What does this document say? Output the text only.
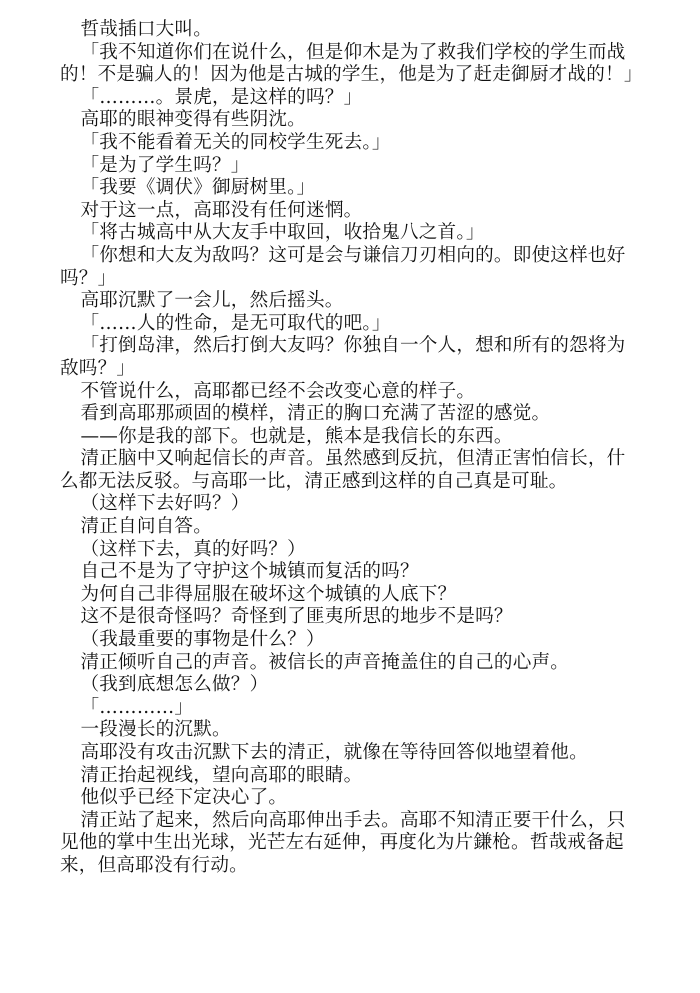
哲哉插口大叫。

「我不知道你们在说什么，但是仰木是为了救我们学校的学生而战的！不是骗人的！因为他是古城的学生，他是为了赶走御厨才战的！」

「………。景虎，是这样的吗？」

高耶的眼神变得有些阴沈。

「我不能看着无关的同校学生死去。」

「是为了学生吗？」

「我要《调伏》御厨树里。」

对于这一点，高耶没有任何迷惘。

「将古城高中从大友手中取回，收拾鬼八之首。」

「你想和大友为敌吗？这可是会与谦信刀刃相向的。即使这样也好吗？」

高耶沉默了一会儿，然后摇头。

「……人的性命，是无可取代的吧。」

「打倒岛津，然后打倒大友吗？你独自一个人，想和所有的怨将为敌吗？」

不管说什么，高耶都已经不会改变心意的样子。

看到高耶那顽固的模样，清正的胸口充满了苦涩的感觉。

——你是我的部下。也就是，熊本是我信长的东西。

清正脑中又响起信长的声音。虽然感到反抗，但清正害怕信长，什么都无法反驳。与高耶一比，清正感到这样的自己真是可耻。

（这样下去好吗？）

清正自问自答。

（这样下去，真的好吗？）

自己不是为了守护这个城镇而复活的吗？

为何自己非得屈服在破坏这个城镇的人底下？

这不是很奇怪吗？奇怪到了匪夷所思的地步不是吗？

（我最重要的事物是什么？）

清正倾听自己的声音。被信长的声音掩盖住的自己的心声。

（我到底想怎么做？）

「…………」

一段漫长的沉默。

高耶没有攻击沉默下去的清正，就像在等待回答似地望着他。

清正抬起视线，望向高耶的眼睛。

他似乎已经下定决心了。

清正站了起来，然后向高耶伸出手去。高耶不知清正要干什么，只见他的掌中生出光球，光芒左右延伸，再度化为片鎌枪。哲哉戒备起来，但高耶没有行动。
